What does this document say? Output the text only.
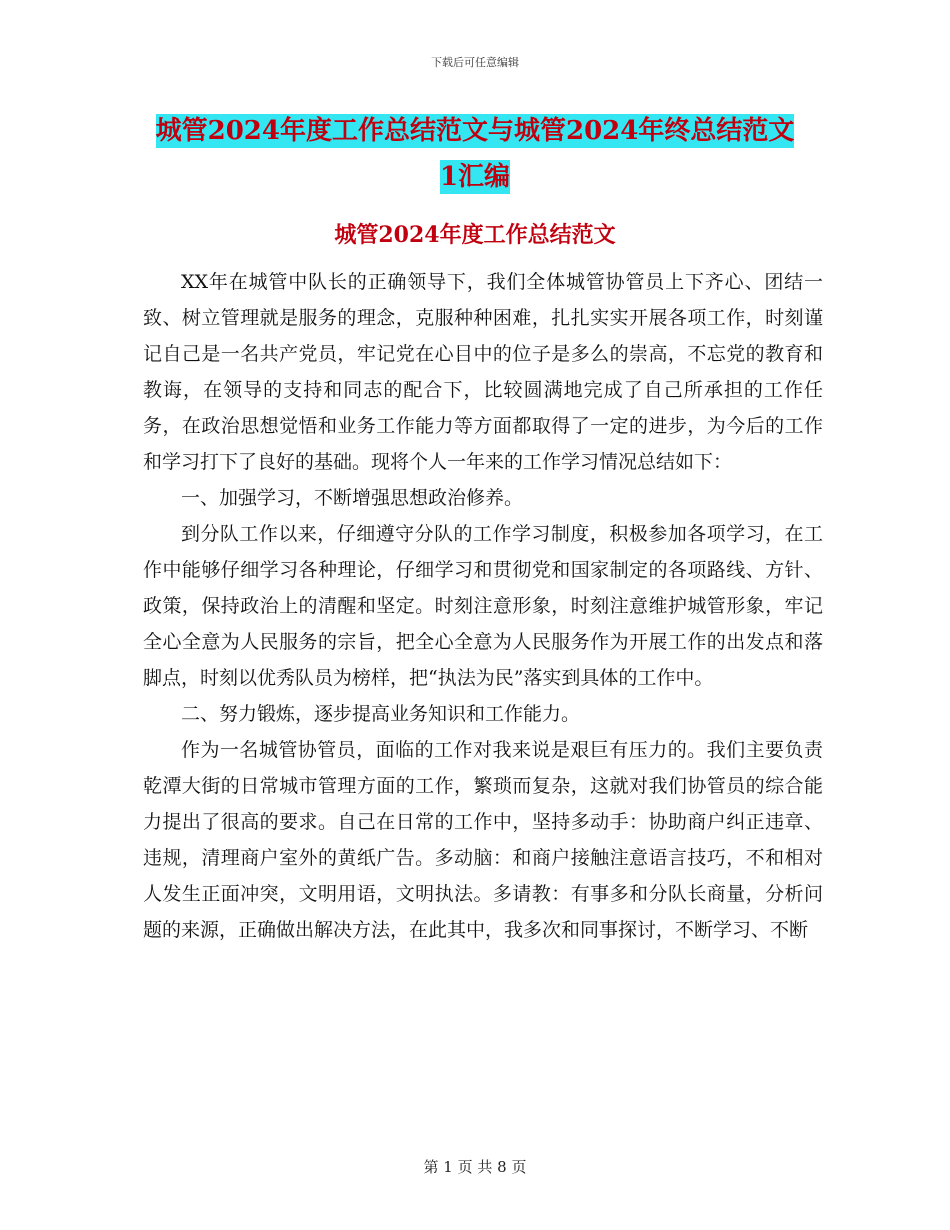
下载后可任意编辑
城管2024年度工作总结范文与城管2024年终总结范文1汇编
城管2024年度工作总结范文

XX年在城管中队长的正确领导下，我们全体城管协管员上下齐心、团结一致、树立管理就是服务的理念，克服种种困难，扎扎实实开展各项工作，时刻谨记自己是一名共产党员，牢记党在心目中的位子是多么的崇高，不忘党的教育和教诲，在领导的支持和同志的配合下，比较圆满地完成了自己所承担的工作任务，在政治思想觉悟和业务工作能力等方面都取得了一定的进步，为今后的工作和学习打下了良好的基础。现将个人一年来的工作学习情况总结如下：

一、加强学习，不断增强思想政治修养。

到分队工作以来，仔细遵守分队的工作学习制度，积极参加各项学习，在工作中能够仔细学习各种理论，仔细学习和贯彻党和国家制定的各项路线、方针、政策，保持政治上的清醒和坚定。时刻注意形象，时刻注意维护城管形象，牢记全心全意为人民服务的宗旨，把全心全意为人民服务作为开展工作的出发点和落脚点，时刻以优秀队员为榜样，把“执法为民”落实到具体的工作中。

二、努力锻炼，逐步提高业务知识和工作能力。

作为一名城管协管员，面临的工作对我来说是艰巨有压力的。我们主要负责乾潭大街的日常城市管理方面的工作，繁琐而复杂，这就对我们协管员的综合能力提出了很高的要求。自己在日常的工作中，坚持多动手：协助商户纠正违章、违规，清理商户室外的黄纸广告。多动脑：和商户接触注意语言技巧，不和相对人发生正面冲突，文明用语，文明执法。多请教：有事多和分队长商量，分析问题的来源，正确做出解决方法，在此其中，我多次和同事探讨，不断学习、不断

第 1 页 共 8 页
